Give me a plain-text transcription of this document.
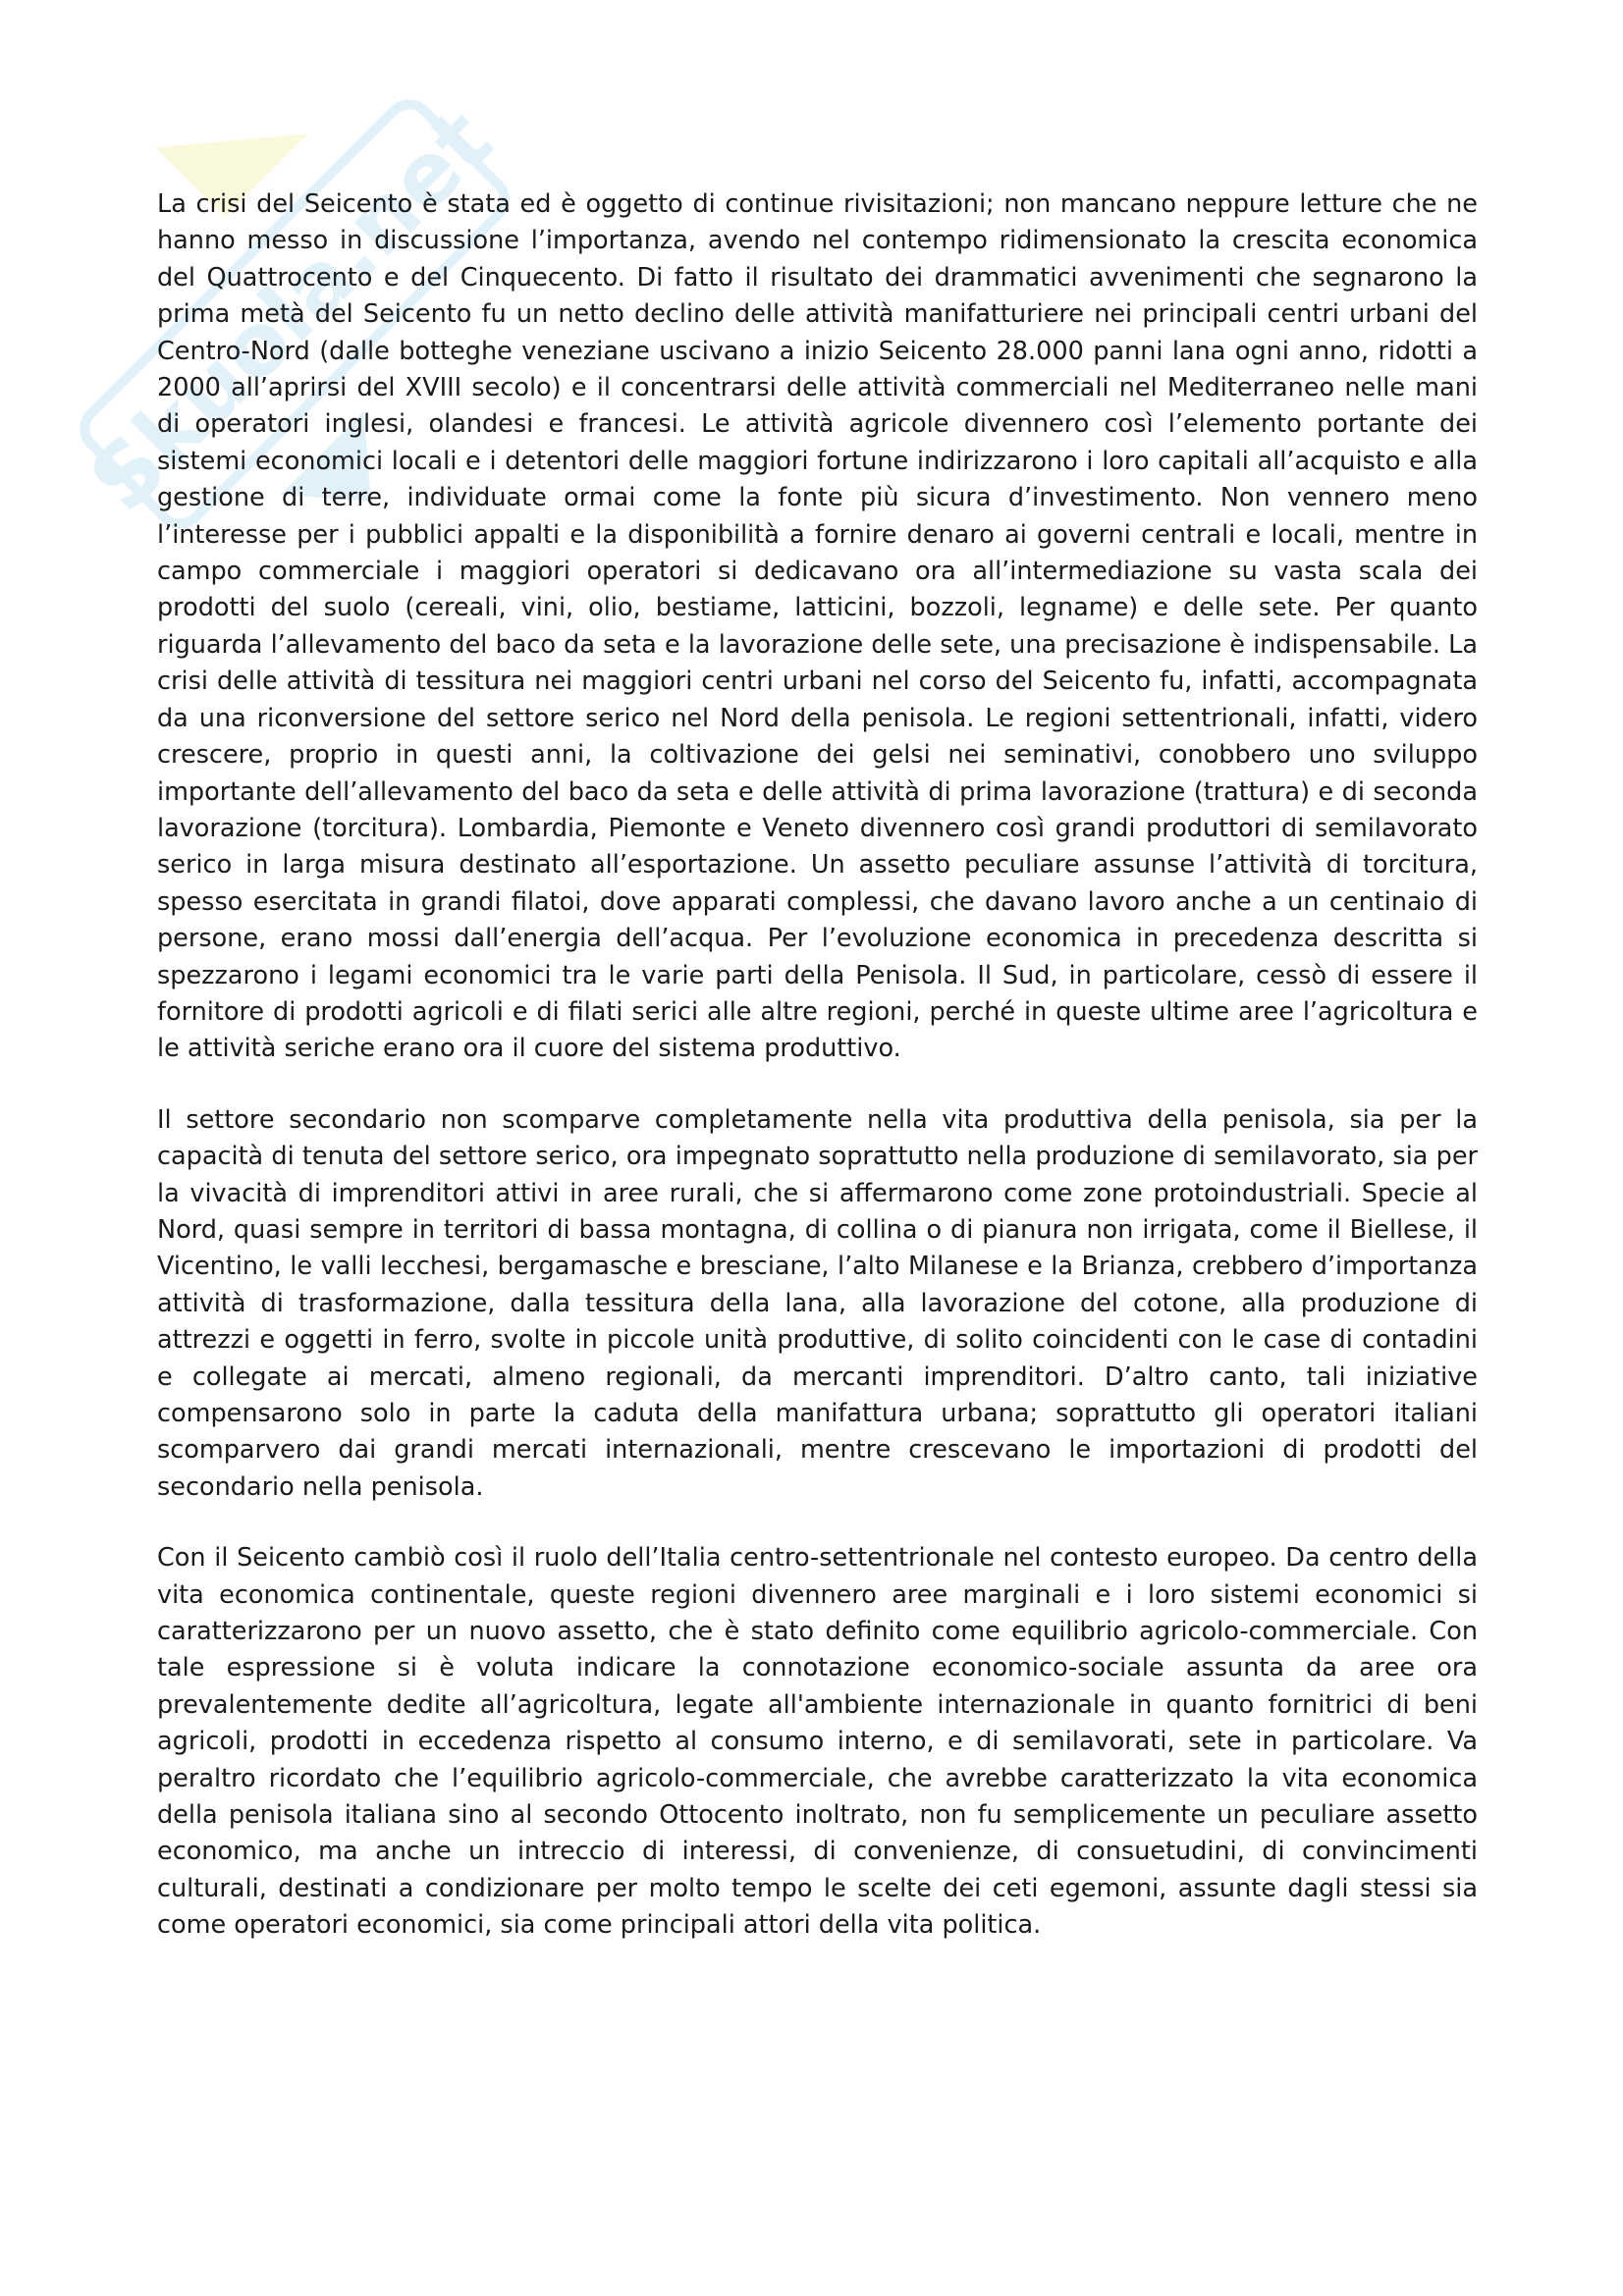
Skuola.net

La crisi del Seicento è stata ed è oggetto di continue rivisitazioni; non mancano neppure letture che ne hanno messo in discussione l’importanza, avendo nel contempo ridimensionato la crescita economica del Quattrocento e del Cinquecento. Di fatto il risultato dei drammatici avvenimenti che segnarono la prima metà del Seicento fu un netto declino delle attività manifatturiere nei principali centri urbani del Centro-Nord (dalle botteghe veneziane uscivano a inizio Seicento 28.000 panni lana ogni anno, ridotti a 2000 all’aprirsi del XVIII secolo) e il concentrarsi delle attività commerciali nel Mediterraneo nelle mani di operatori inglesi, olandesi e francesi. Le attività agricole divennero così l’elemento portante dei sistemi economici locali e i detentori delle maggiori fortune indirizzarono i loro capitali all’acquisto e alla gestione di terre, individuate ormai come la fonte più sicura d’investimento. Non vennero meno l’interesse per i pubblici appalti e la disponibilità a fornire denaro ai governi centrali e locali, mentre in campo commerciale i maggiori operatori si dedicavano ora all’intermediazione su vasta scala dei prodotti del suolo (cereali, vini, olio, bestiame, latticini, bozzoli, legname) e delle sete. Per quanto riguarda l’allevamento del baco da seta e la lavorazione delle sete, una precisazione è indispensabile. La crisi delle attività di tessitura nei maggiori centri urbani nel corso del Seicento fu, infatti, accompagnata da una riconversione del settore serico nel Nord della penisola. Le regioni settentrionali, infatti, videro crescere, proprio in questi anni, la coltivazione dei gelsi nei seminativi, conobbero uno sviluppo importante dell’allevamento del baco da seta e delle attività di prima lavorazione (trattura) e di seconda lavorazione (torcitura). Lombardia, Piemonte e Veneto divennero così grandi produttori di semilavorato serico in larga misura destinato all’esportazione. Un assetto peculiare assunse l’attività di torcitura, spesso esercitata in grandi filatoi, dove apparati complessi, che davano lavoro anche a un centinaio di persone, erano mossi dall’energia dell’acqua. Per l’evoluzione economica in precedenza descritta si spezzarono i legami economici tra le varie parti della Penisola. Il Sud, in particolare, cessò di essere il fornitore di prodotti agricoli e di filati serici alle altre regioni, perché in queste ultime aree l’agricoltura e le attività seriche erano ora il cuore del sistema produttivo.

Il settore secondario non scomparve completamente nella vita produttiva della penisola, sia per la capacità di tenuta del settore serico, ora impegnato soprattutto nella produzione di semilavorato, sia per la vivacità di imprenditori attivi in aree rurali, che si affermarono come zone protoindustriali. Specie al Nord, quasi sempre in territori di bassa montagna, di collina o di pianura non irrigata, come il Biellese, il Vicentino, le valli lecchesi, bergamasche e bresciane, l’alto Milanese e la Brianza, crebbero d’importanza attività di trasformazione, dalla tessitura della lana, alla lavorazione del cotone, alla produzione di attrezzi e oggetti in ferro, svolte in piccole unità produttive, di solito coincidenti con le case di contadini e collegate ai mercati, almeno regionali, da mercanti imprenditori. D’altro canto, tali iniziative compensarono solo in parte la caduta della manifattura urbana; soprattutto gli operatori italiani scomparvero dai grandi mercati internazionali, mentre crescevano le importazioni di prodotti del secondario nella penisola.

Con il Seicento cambiò così il ruolo dell’Italia centro-settentrionale nel contesto europeo. Da centro della vita economica continentale, queste regioni divennero aree marginali e i loro sistemi economici si caratterizzarono per un nuovo assetto, che è stato definito come equilibrio agricolo-commerciale. Con tale espressione si è voluta indicare la connotazione economico-sociale assunta da aree ora prevalentemente dedite all’agricoltura, legate all'ambiente internazionale in quanto fornitrici di beni agricoli, prodotti in eccedenza rispetto al consumo interno, e di semilavorati, sete in particolare. Va peraltro ricordato che l’equilibrio agricolo-commerciale, che avrebbe caratterizzato la vita economica della penisola italiana sino al secondo Ottocento inoltrato, non fu semplicemente un peculiare assetto economico, ma anche un intreccio di interessi, di convenienze, di consuetudini, di convincimenti culturali, destinati a condizionare per molto tempo le scelte dei ceti egemoni, assunte dagli stessi sia come operatori economici, sia come principali attori della vita politica.
